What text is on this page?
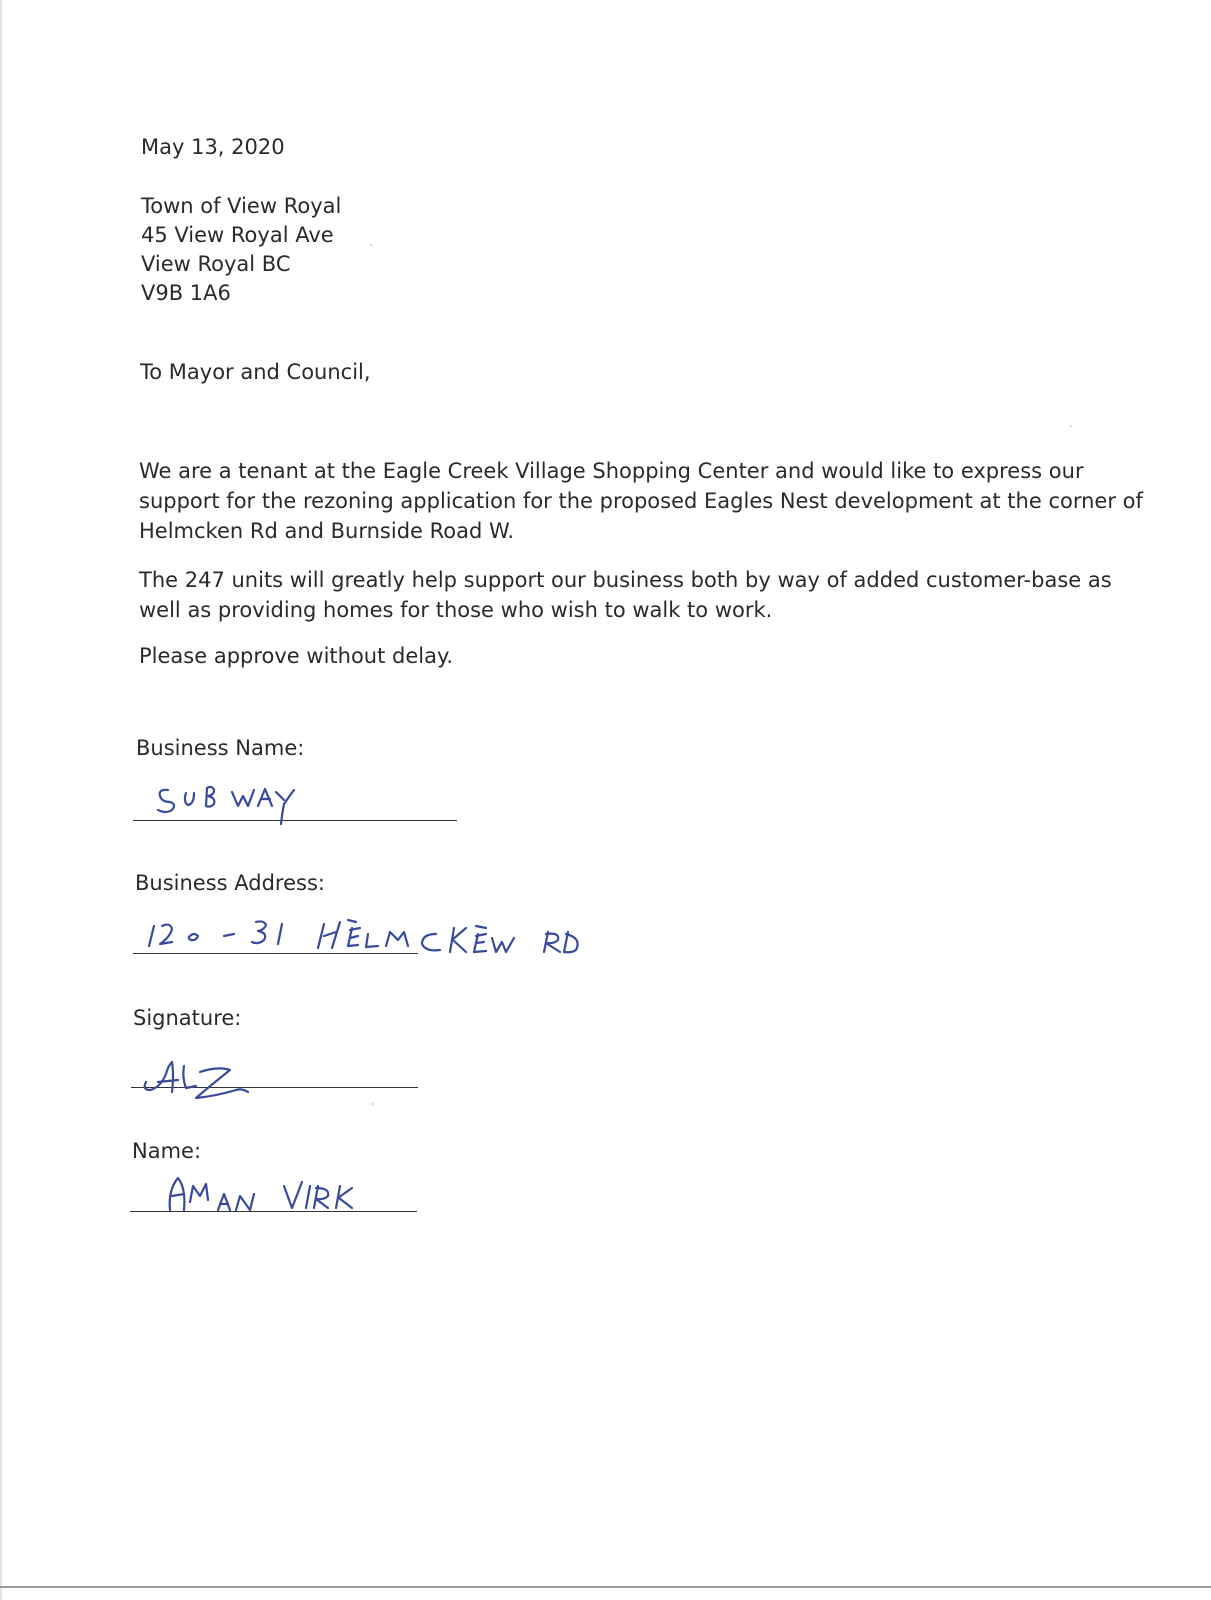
May 13, 2020

Town of View Royal
45 View Royal Ave
View Royal BC
V9B 1A6

To Mayor and Council,

We are a tenant at the Eagle Creek Village Shopping Center and would like to express our
support for the rezoning application for the proposed Eagles Nest development at the corner of
Helmcken Rd and Burnside Road W.
The 247 units will greatly help support our business both by way of added customer-base as
well as providing homes for those who wish to walk to work.

Please approve without delay.

Business Name:

Business Address:

Signature:

Name:
